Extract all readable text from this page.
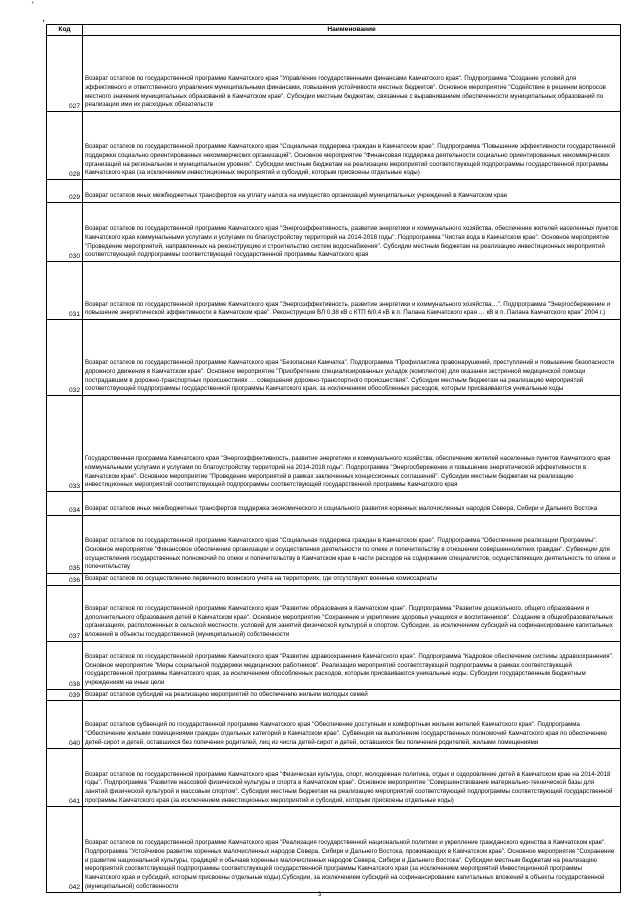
´
‚
Код	Наименование
027	Возврат остатков по государственной программе Камчатского края "Управление государственными финансами Камчатского края". Подпрограмма "Создание условий для эффективного и ответственного управления муниципальными финансами, повышения устойчивости местных бюджетов". Основное мероприятие "Содействие в решении вопросов местного значения муниципальных образований в Камчатском крае". Субсидии местным бюджетам, связанные с выравниванием обеспеченности муниципальных образований по реализации ими их расходных обязательств
028	Возврат остатков по государственной программе Камчатского края "Социальная поддержка граждан в Камчатском крае". Подпрограмма "Повышение эффективности государственной поддержки социально ориентированных некоммерческих организаций". Основное мероприятие "Финансовая поддержка деятельности социально ориентированных некоммерческих организаций на региональном и муниципальном уровнях". Субсидии местным бюджетам на реализацию мероприятий соответствующей подпрограммы государственной программы Камчатского края (за исключением инвестиционных мероприятий и субсидий, которым присвоены отдельные коды)
029	Возврат остатков иных межбюджетных трансфертов на уплату налога на имущество организаций муниципальных учреждений в Камчатском крае
030	Возврат остатков по государственной программе Камчатского края "Энергоэффективность, развитие энергетики и коммунального хозяйства, обеспечение жителей населенных пунктов Камчатского края коммунальными услугами и услугами по благоустройству территорий на 2014-2018 годы". Подпрограмма "Чистая вода в Камчатском крае". Основное мероприятие "Проведение мероприятий, направленных на реконструкцию и строительство систем водоснабжения". Субсидии местным бюджетам на реализацию инвестиционных мероприятий соответствующей подпрограммы соответствующей государственной программы Камчатского края
031	Возврат остатков по государственной программе Камчатского края "Энергоэффективность, развитие энергетики и коммунального хозяйства…". Подпрограмма "Энергосбережение и повышение энергетической эффективности в Камчатском крае". Реконструкция ВЛ 0,38 кВ с КТП 6/0,4 кВ в п. Палана Камчатского края … кВ в п. Палана Камчатского края" 2004 г.)
032	Возврат остатков по государственной программе Камчатского края "Безопасная Камчатка". Подпрограмма "Профилактика правонарушений, преступлений и повышение безопасности дорожного движения в Камчатском крае". Основное мероприятие "Приобретение специализированных укладок (комплектов) для оказания экстренной медицинской помощи пострадавшим в дорожно-транспортных происшествиях … совершения дорожно-транспортного происшествия". Субсидии местным бюджетам на реализацию мероприятий соответствующей подпрограммы государственной программы Камчатского края, за исключением обособленных расходов, которым присваиваются уникальные коды
033	Государственная программа Камчатского края "Энергоэффективность, развитие энергетики и коммунального хозяйства, обеспечение жителей населенных пунктов Камчатского края коммунальными услугами и услугами по благоустройству территорий на 2014-2018 годы". Подпрограмма "Энергосбережение и повышение энергетической эффективности в Камчатском крае". Основное мероприятие "Проведение мероприятий в рамках заключенных концессионных соглашений". Субсидии местным бюджетам на реализацию инвестиционных мероприятий соответствующей подпрограммы соответствующей государственной программы Камчатского края
034	Возврат остатков иных межбюджетных трансфертов поддержка экономического и социального развития коренных малочисленных народов Севера, Сибири и Дальнего Востока
035	Возврат остатков по государственной программе Камчатского края "Социальная поддержка граждан в Камчатском крае". Подпрограмма "Обеспечение реализации Программы". Основное мероприятие "Финансовое обеспечение организации и осуществления деятельности по опеке и попечительству в отношении совершеннолетних граждан". Субвенции для осуществления государственных полномочий по опеке и попечительству в Камчатском крае в части расходов на содержание специалистов, осуществляющих деятельность по опеке и попечительству
036	Возврат остатков по осуществлению первичного воинского учета на территориях, где отсутствуют военные комиссариаты
037	Возврат остатков по государственной программе Камчатского края "Развитие образования в Камчатском крае". Подпрограмма "Развитие дошкольного, общего образования и дополнительного образования детей в Камчатском крае". Основное мероприятие "Сохранение и укрепление здоровья учащихся и воспитанников". Создание в общеобразовательных организациях, расположенных в сельской местности, условий для занятий физической культурой и спортом. Субсидии, за исключением субсидий на софинансирование капитальных вложений в объекты государственной (муниципальной) собственности
038	Возврат остатков по государственной программе Камчатского края "Развитие здравоохранения Камчатского края". Подпрограмма "Кадровое обеспечение системы здравоохранения". Основное мероприятие "Меры социальной поддержки медицинских работников". Реализация мероприятий соответствующей подпрограммы в рамках соответствующей государственной программы Камчатского края, за исключением обособленных расходов, которым присваиваются уникальные коды. Субсидии государственным бюджетным учреждениям на иные цели
039	Возврат остатков субсидий на реализацию мероприятий по обеспечению жильем молодых семей
040	Возврат остатков субвенций по государственной программе Камчатского края "Обеспечение доступным и комфортным жильем жителей Камчатского края". Подпрограмма "Обеспечение жилыми помещениями граждан отдельных категорий в Камчатском крае". Субвенция на выполнение государственных полномочий Камчатского края по обеспечению детей-сирот и детей, оставшихся без попечения родителей, лиц из числа детей-сирот и детей, оставшихся без попечения родителей, жилыми помещениями
041	Возврат остатков по государственной программе Камчатского края "Физическая культура, спорт, молодежная политика, отдых и оздоровление детей в Камчатском крае на 2014-2018 годы". Подпрограмма "Развитие массовой физической культуры и спорта в Камчатском крае". Основное мероприятие "Совершенствование материально-технической базы для занятий физической культурой и массовым спортом". Субсидии местным бюджетам на реализацию мероприятий соответствующей подпрограммы соответствующей государственной программы Камчатского края (за исключением инвестиционных мероприятий и субсидий, которым присвоены отдельные коды)
042	Возврат остатков по государственной программе Камчатского края "Реализация государственной национальной политики и укрепление гражданского единства в Камчатском крае". Подпрограмма "Устойчивое развитие коренных малочисленных народов Севера, Сибири и Дальнего Востока, проживающих в Камчатском крае". Основное мероприятие "Сохранение и развитие национальной культуры, традиций и обычаев коренных малочисленных народов Севера, Сибири и Дальнего Востока". Субсидии местным бюджетам на реализацию мероприятий соответствующей подпрограммы соответствующей государственной программы Камчатского края (за исключением мероприятий Инвестиционной программы Камчатского края и субсидий, которым присвоены отдельные коды).Субсидии, за исключением субсидий на софинансирование капитальных вложений в объекты государственной (муниципальной) собственности
3
